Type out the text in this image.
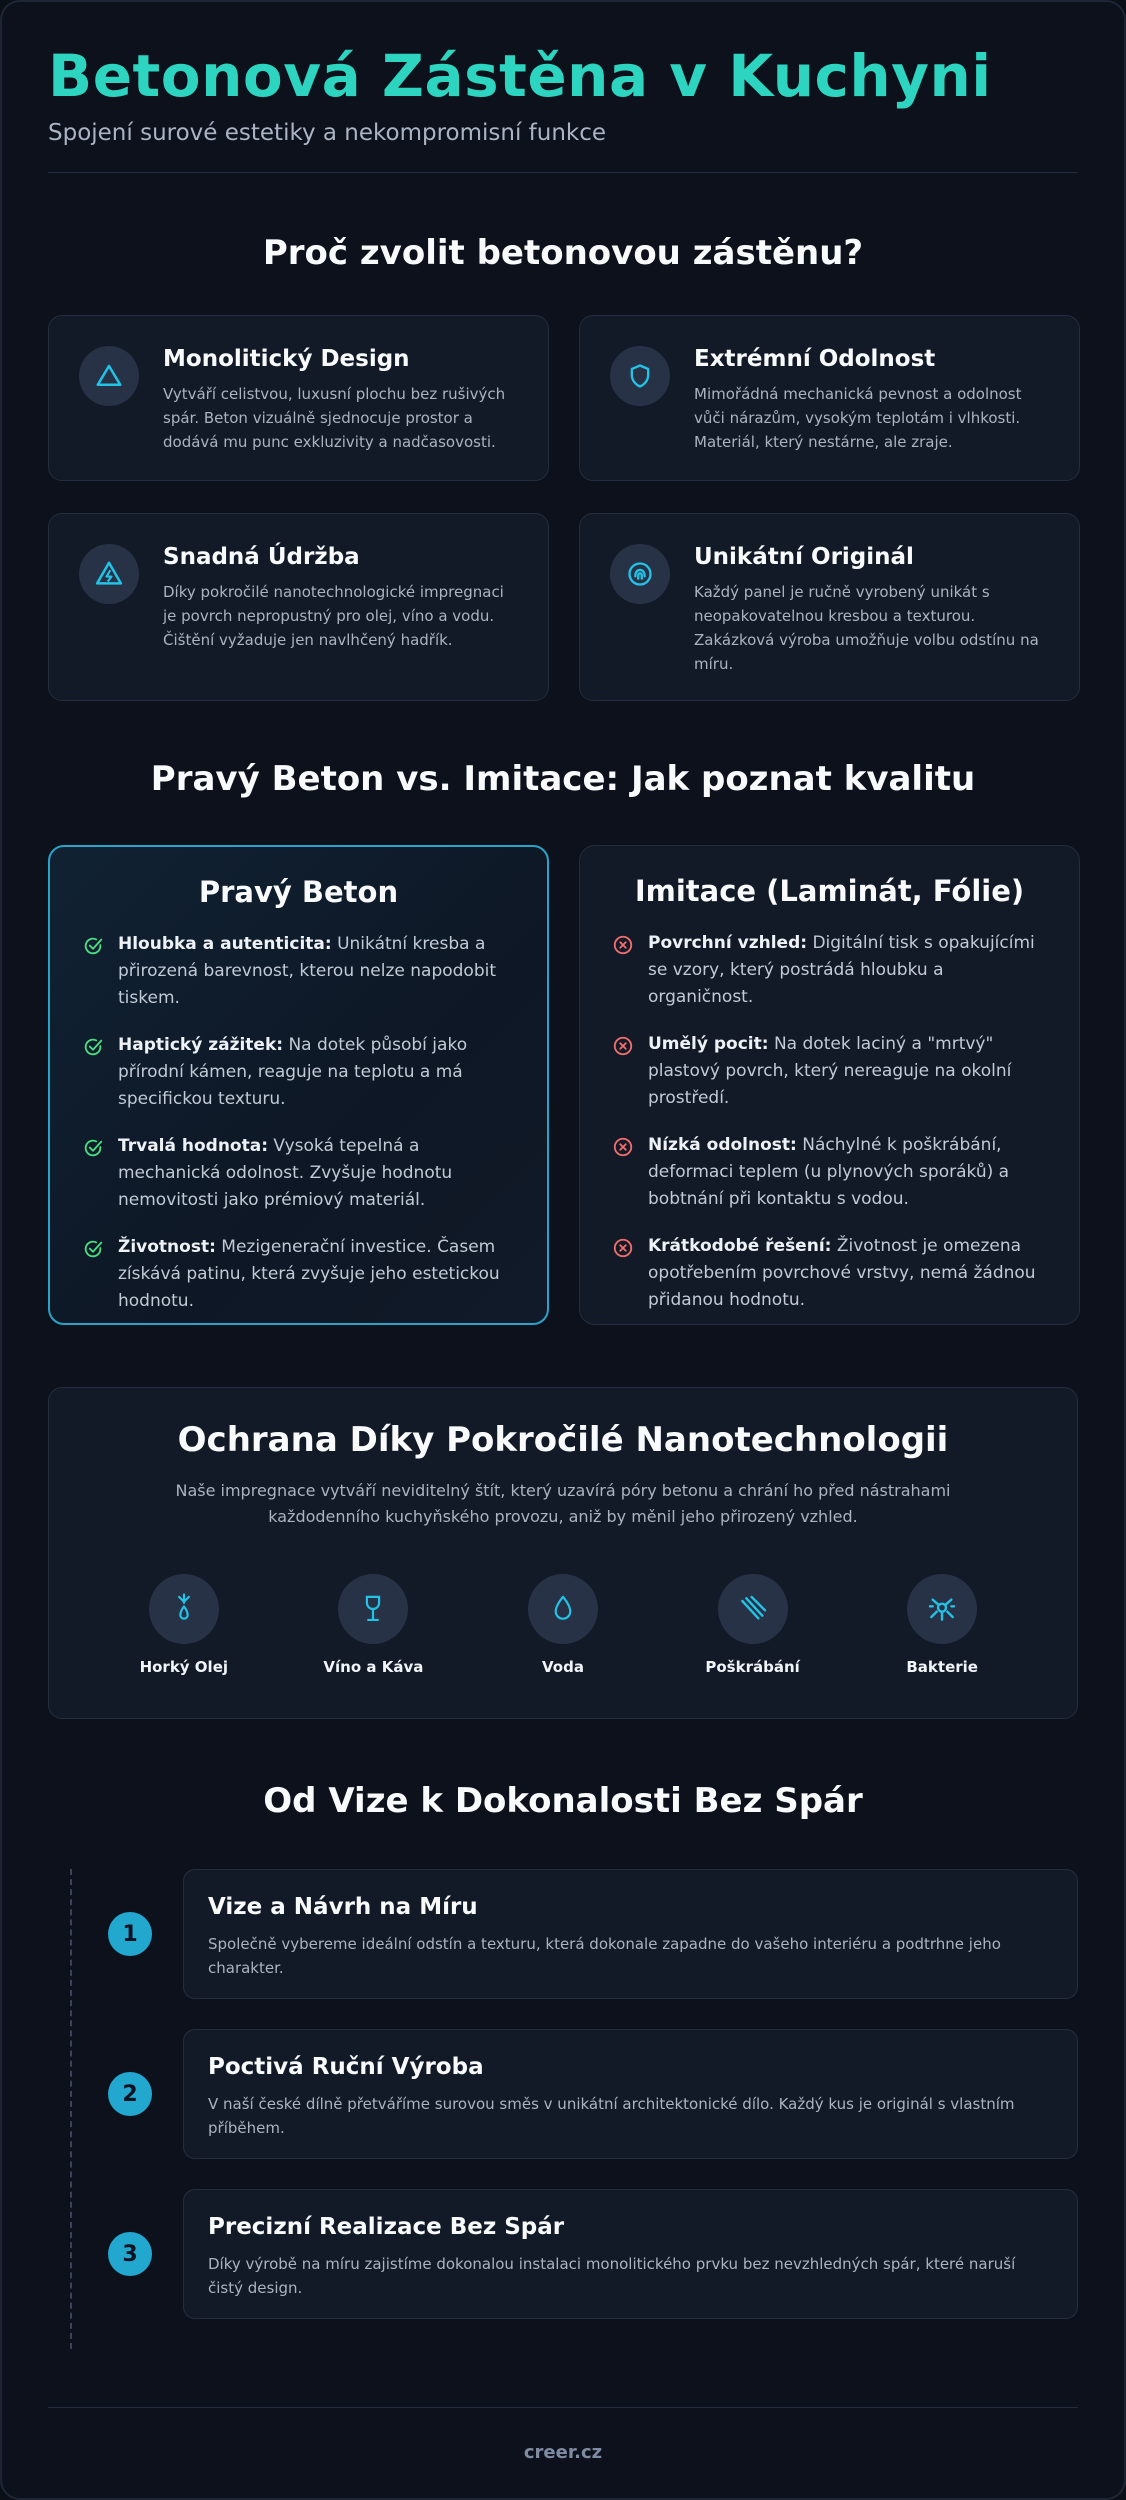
Betonová Zástěna v Kuchyni
Spojení surové estetiky a nekompromisní funkce
Proč zvolit betonovou zástěnu?
Monolitický Design
Vytváří celistvou, luxusní plochu bez rušivých spár. Beton vizuálně sjednocuje prostor a dodává mu punc exkluzivity a nadčasovosti.
Extrémní Odolnost
Mimořádná mechanická pevnost a odolnost vůči nárazům, vysokým teplotám i vlhkosti. Materiál, který nestárne, ale zraje.
Snadná Údržba
Díky pokročilé nanotechnologické impregnaci je povrch nepropustný pro olej, víno a vodu. Čištění vyžaduje jen navlhčený hadřík.
Unikátní Originál
Každý panel je ručně vyrobený unikát s neopakovatelnou kresbou a texturou. Zakázková výroba umožňuje volbu odstínu na míru.
Pravý Beton vs. Imitace: Jak poznat kvalitu
Pravý Beton
Hloubka a autenticita: Unikátní kresba a přirozená barevnost, kterou nelze napodobit tiskem.
Haptický zážitek: Na dotek působí jako přírodní kámen, reaguje na teplotu a má specifickou texturu.
Trvalá hodnota: Vysoká tepelná a mechanická odolnost. Zvyšuje hodnotu nemovitosti jako prémiový materiál.
Životnost: Mezigenerační investice. Časem získává patinu, která zvyšuje jeho estetickou hodnotu.
Imitace (Laminát, Fólie)
Povrchní vzhled: Digitální tisk s opakujícími se vzory, který postrádá hloubku a organičnost.
Umělý pocit: Na dotek laciný a "mrtvý" plastový povrch, který nereaguje na okolní prostředí.
Nízká odolnost: Náchylné k poškrábání, deformaci teplem (u plynových sporáků) a bobtnání při kontaktu s vodou.
Krátkodobé řešení: Životnost je omezena opotřebením povrchové vrstvy, nemá žádnou přidanou hodnotu.
Ochrana Díky Pokročilé Nanotechnologii

Naše impregnace vytváří neviditelný štít, který uzavírá póry betonu a chrání ho před nástrahami každodenního kuchyňského provozu, aniž by měnil jeho přirozený vzhled.

Horký Olej	Víno a Káva	Voda	Poškrábání	Bakterie
Od Vize k Dokonalosti Bez Spár
1
Vize a Návrh na Míru
Společně vybereme ideální odstín a texturu, která dokonale zapadne do vašeho interiéru a podtrhne jeho charakter.
2
Poctivá Ruční Výroba
V naší české dílně přetváříme surovou směs v unikátní architektonické dílo. Každý kus je originál s vlastním příběhem.
3
Precizní Realizace Bez Spár
Díky výrobě na míru zajistíme dokonalou instalaci monolitického prvku bez nevzhledných spár, které naruší čistý design.
creer.cz
